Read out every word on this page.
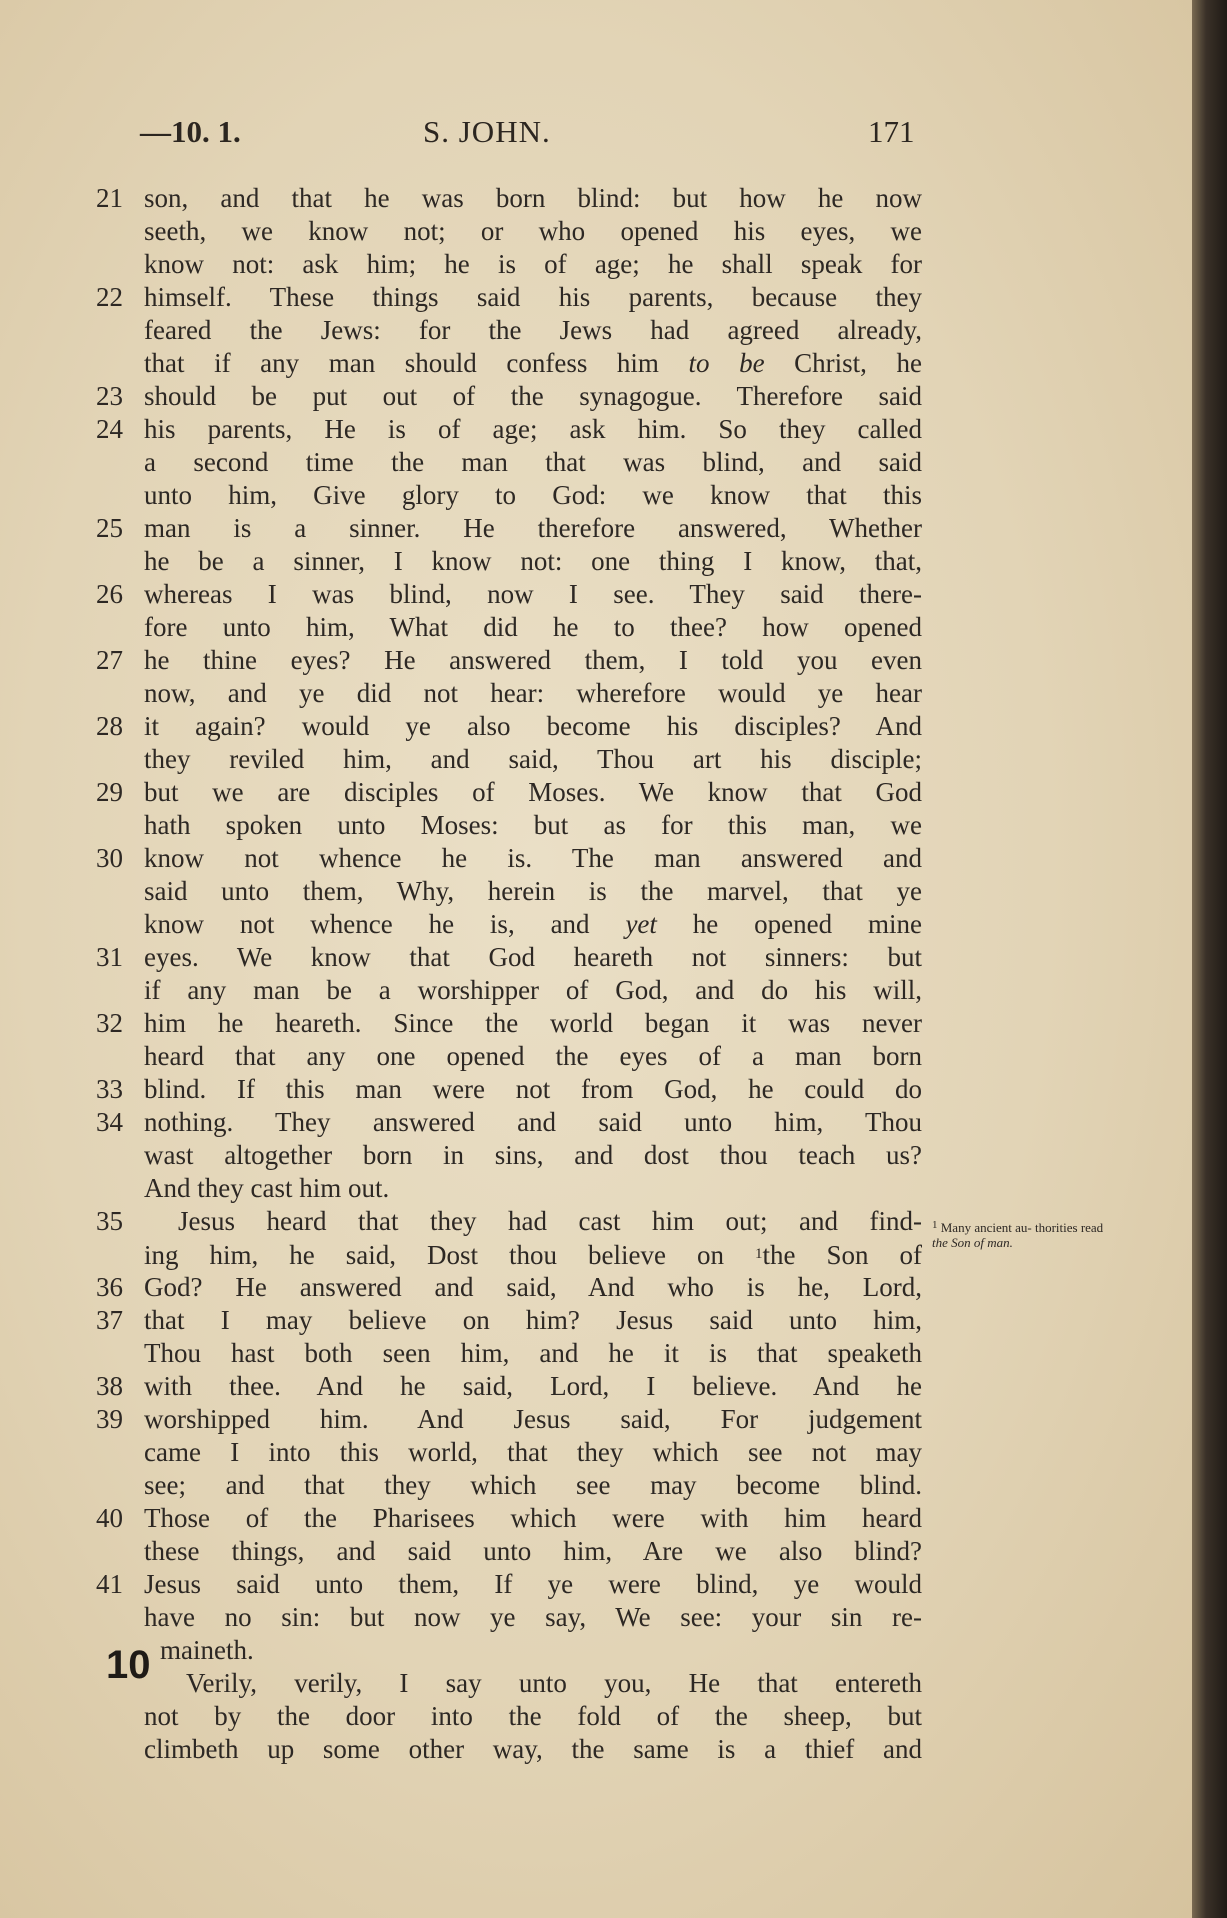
—10. 1.	S. JOHN.	171
21
22
23
24
25
26
27
28
29
30
31
32
33
34
35
36
37
38
39
40
41
10
son, and that he was born blind: but how he now
seeth, we know not; or who opened his eyes, we
know not: ask him; he is of age; he shall speak for
himself. These things said his parents, because they
feared the Jews: for the Jews had agreed already,
that if any man should confess him to be Christ, he
should be put out of the synagogue. Therefore said
his parents, He is of age; ask him. So they called
a second time the man that was blind, and said
unto him, Give glory to God: we know that this
man is a sinner. He therefore answered, Whether
he be a sinner, I know not: one thing I know, that,
whereas I was blind, now I see. They said there-
fore unto him, What did he to thee? how opened
he thine eyes? He answered them, I told you even
now, and ye did not hear: wherefore would ye hear
it again? would ye also become his disciples? And
they reviled him, and said, Thou art his disciple;
but we are disciples of Moses. We know that God
hath spoken unto Moses: but as for this man, we
know not whence he is. The man answered and
said unto them, Why, herein is the marvel, that ye
know not whence he is, and yet he opened mine
eyes. We know that God heareth not sinners: but
if any man be a worshipper of God, and do his will,
him he heareth. Since the world began it was never
heard that any one opened the eyes of a man born
blind. If this man were not from God, he could do
nothing. They answered and said unto him, Thou
wast altogether born in sins, and dost thou teach us?
And they cast him out.
Jesus heard that they had cast him out; and find-
ing him, he said, Dost thou believe on $^1$the Son of
God? He answered and said, And who is he, Lord,
that I may believe on him? Jesus said unto him,
Thou hast both seen him, and he it is that speaketh
with thee. And he said, Lord, I believe. And he
worshipped him. And Jesus said, For judgement
came I into this world, that they which see not may
see; and that they which see may become blind.
Those of the Pharisees which were with him heard
these things, and said unto him, Are we also blind?
Jesus said unto them, If ye were blind, ye would
have no sin: but now ye say, We see: your sin re-
maineth.
Verily, verily, I say unto you, He that entereth
not by the door into the fold of the sheep, but
climbeth up some other way, the same is a thief and
$^1$ Many ancient au- thorities read the Son of man.
